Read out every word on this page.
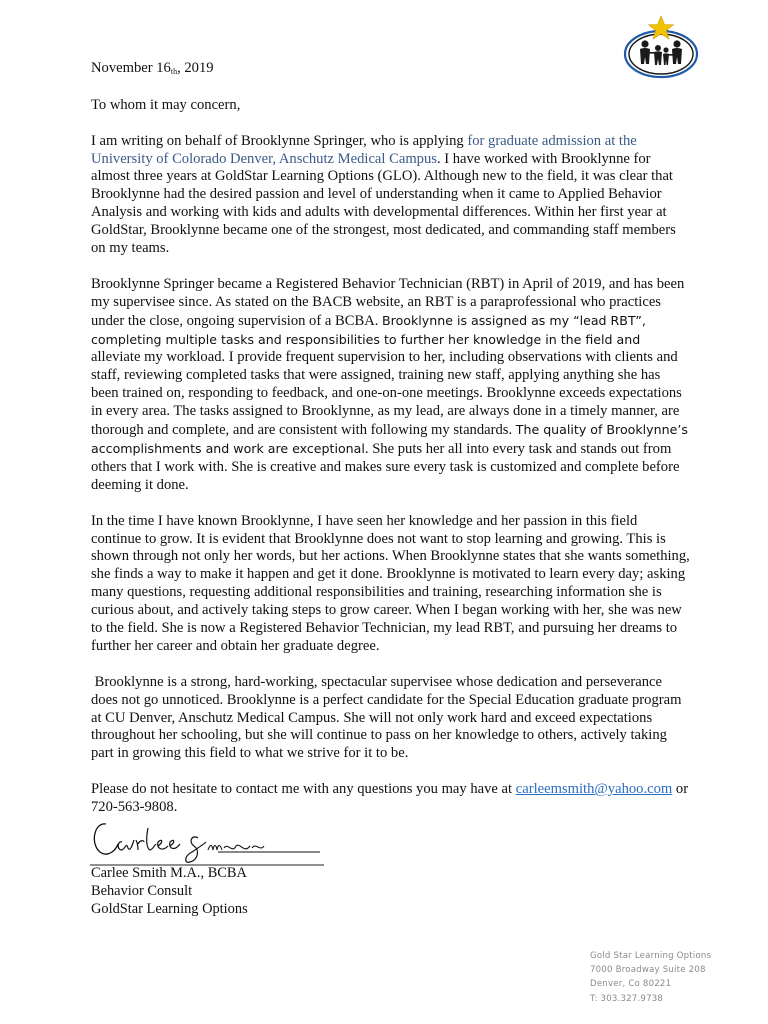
November 16th, 2019

To whom it may concern,

I am writing on behalf of Brooklynne Springer, who is applying for graduate admission at the University of Colorado Denver, Anschutz Medical Campus. I have worked with Brooklynne for almost three years at GoldStar Learning Options (GLO). Although new to the field, it was clear that Brooklynne had the desired passion and level of understanding when it came to Applied Behavior Analysis and working with kids and adults with developmental differences. Within her first year at GoldStar, Brooklynne became one of the strongest, most dedicated, and commanding staff members on my teams.

Brooklynne Springer became a Registered Behavior Technician (RBT) in April of 2019, and has been my supervisee since. As stated on the BACB website, an RBT is a paraprofessional who practices under the close, ongoing supervision of a BCBA. Brooklynne is assigned as my “lead RBT”, completing multiple tasks and responsibilities to further her knowledge in the field and alleviate my workload. I provide frequent supervision to her, including observations with clients and staff, reviewing completed tasks that were assigned, training new staff, applying anything she has been trained on, responding to feedback, and one-on-one meetings. Brooklynne exceeds expectations in every area. The tasks assigned to Brooklynne, as my lead, are always done in a timely manner, are thorough and complete, and are consistent with following my standards. The quality of Brooklynne’s accomplishments and work are exceptional. She puts her all into every task and stands out from others that I work with. She is creative and makes sure every task is customized and complete before deeming it done.

In the time I have known Brooklynne, I have seen her knowledge and her passion in this field continue to grow. It is evident that Brooklynne does not want to stop learning and growing. This is shown through not only her words, but her actions. When Brooklynne states that she wants something, she finds a way to make it happen and get it done. Brooklynne is motivated to learn every day; asking many questions, requesting additional responsibilities and training, researching information she is curious about, and actively taking steps to grow career. When I began working with her, she was new to the field. She is now a Registered Behavior Technician, my lead RBT, and pursuing her dreams to further her career and obtain her graduate degree.

Brooklynne is a strong, hard-working, spectacular supervisee whose dedication and perseverance does not go unnoticed. Brooklynne is a perfect candidate for the Special Education graduate program at CU Denver, Anschutz Medical Campus. She will not only work hard and exceed expectations throughout her schooling, but she will continue to pass on her knowledge to others, actively taking part in growing this field to what we strive for it to be.

Please do not hesitate to contact me with any questions you may have at carleemsmith@yahoo.com or 720-563-9808.

Carlee Smith M.A., BCBA
Behavior Consult
GoldStar Learning Options
Gold Star Learning Options
7000 Broadway Suite 208
Denver, Co 80221
T: 303.327.9738
